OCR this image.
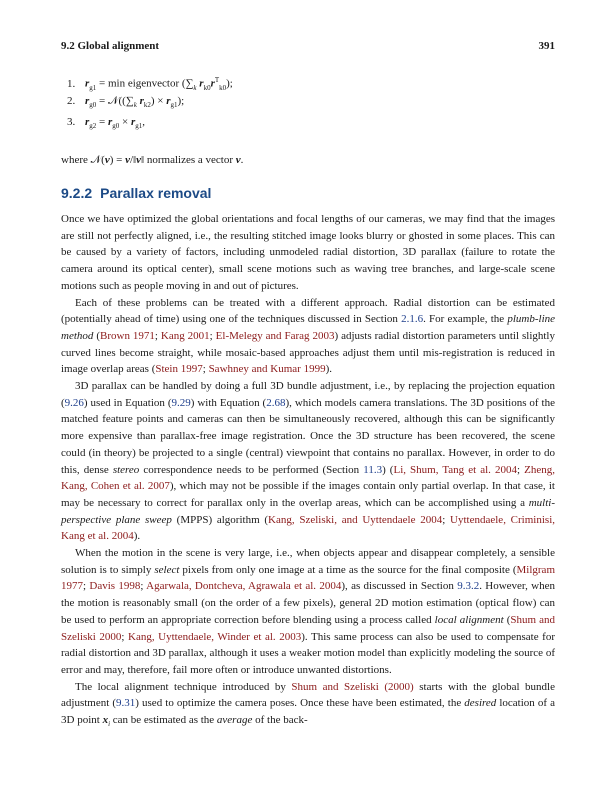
9.2 Global alignment	391
1. $r_{g1} = \min$ eigenvector ($\sum_k$ $r_{k0}r^T_{k0}$);
2. $r_{g0}$ = $𝒩((\sum_k$ $r_{k2}) \times r_{g1}$);
3. $r_{g2} = r_{g0} \times r_{g1}$,
where 𝒩(v) = v/‖v‖ normalizes a vector v.
9.2.2 Parallax removal

Once we have optimized the global orientations and focal lengths of our cameras, we may find that the images are still not perfectly aligned, i.e., the resulting stitched image looks blurry or ghosted in some places. This can be caused by a variety of factors, including unmodeled radial distortion, 3D parallax (failure to rotate the camera around its optical center), small scene motions such as waving tree branches, and large-scale scene motions such as people moving in and out of pictures.

Each of these problems can be treated with a different approach. Radial distortion can be estimated (potentially ahead of time) using one of the techniques discussed in Section 2.1.6. For example, the plumb-line method (Brown 1971; Kang 2001; El-Melegy and Farag 2003) adjusts radial distortion parameters until slightly curved lines become straight, while mosaic-based approaches adjust them until mis-registration is reduced in image overlap areas (Stein 1997; Sawhney and Kumar 1999).

3D parallax can be handled by doing a full 3D bundle adjustment, i.e., by replacing the projection equation (9.26) used in Equation (9.29) with Equation (2.68), which models camera translations. The 3D positions of the matched feature points and cameras can then be simultaneously recovered, although this can be significantly more expensive than parallax-free image registration. Once the 3D structure has been recovered, the scene could (in theory) be projected to a single (central) viewpoint that contains no parallax. However, in order to do this, dense stereo correspondence needs to be performed (Section 11.3) (Li, Shum, Tang et al. 2004; Zheng, Kang, Cohen et al. 2007), which may not be possible if the images contain only partial overlap. In that case, it may be necessary to correct for parallax only in the overlap areas, which can be accomplished using a multi-perspective plane sweep (MPPS) algorithm (Kang, Szeliski, and Uyttendaele 2004; Uyttendaele, Criminisi, Kang et al. 2004).

When the motion in the scene is very large, i.e., when objects appear and disappear completely, a sensible solution is to simply select pixels from only one image at a time as the source for the final composite (Milgram 1977; Davis 1998; Agarwala, Dontcheva, Agrawala et al. 2004), as discussed in Section 9.3.2. However, when the motion is reasonably small (on the order of a few pixels), general 2D motion estimation (optical flow) can be used to perform an appropriate correction before blending using a process called local alignment (Shum and Szeliski 2000; Kang, Uyttendaele, Winder et al. 2003). This same process can also be used to compensate for radial distortion and 3D parallax, although it uses a weaker motion model than explicitly modeling the source of error and may, therefore, fail more often or introduce unwanted distortions.

The local alignment technique introduced by Shum and Szeliski (2000) starts with the global bundle adjustment (9.31) used to optimize the camera poses. Once these have been estimated, the desired location of a 3D point $x_i$ can be estimated as the average of the back-
